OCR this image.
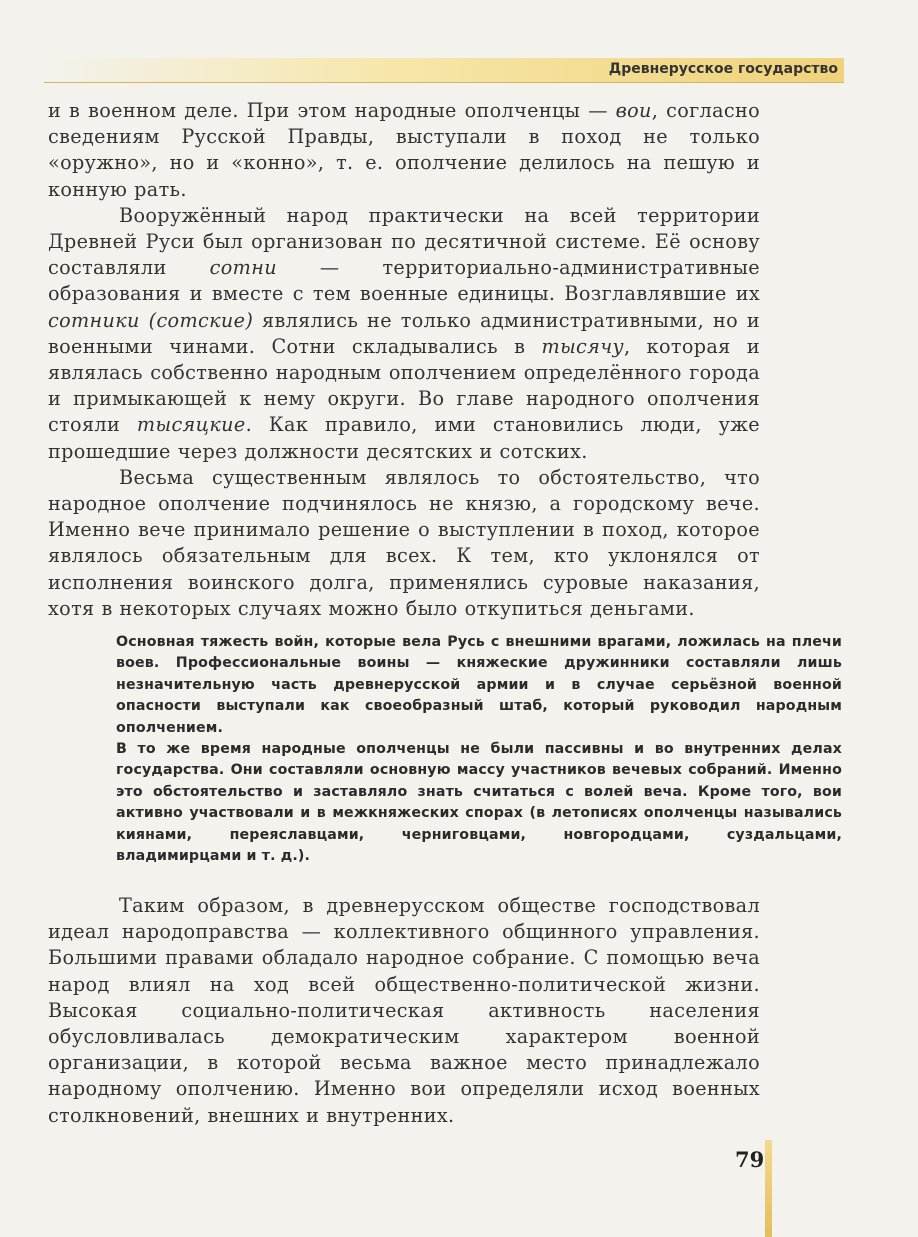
Древнерусское государство

и в военном деле. При этом народные ополченцы — вои, согласно сведениям Русской Правды, выступали в поход не только «оружно», но и «конно», т. е. ополчение делилось на пешую и конную рать.

Вооружённый народ практически на всей территории Древней Руси был организован по десятичной системе. Её основу составляли сотни — территориально-административные образования и вместе с тем военные единицы. Возглавлявшие их сотники (сотские) являлись не только административными, но и военными чинами. Сотни складывались в тысячу, которая и являлась собственно народным ополчением определённого города и примыкающей к нему округи. Во главе народного ополчения стояли тысяцкие. Как правило, ими становились люди, уже прошедшие через должности десятских и сотских.

Весьма существенным являлось то обстоятельство, что народное ополчение подчинялось не князю, а городскому вече. Именно вече принимало решение о выступлении в поход, которое являлось обязательным для всех. К тем, кто уклонялся от исполнения воинского долга, применялись суровые наказания, хотя в некоторых случаях можно было откупиться деньгами.

Основная тяжесть войн, которые вела Русь с внешними врагами, ложилась на плечи воев. Профессиональные воины — княжеские дружинники составляли лишь незначительную часть древнерусской армии и в случае серьёзной военной опасности выступали как своеобразный штаб, который руководил народным ополчением.

В то же время народные ополченцы не были пассивны и во внутренних делах государства. Они составляли основную массу участников вечевых собраний. Именно это обстоятельство и заставляло знать считаться с волей веча. Кроме того, вои активно участвовали и в межкняжеских спорах (в летописях ополченцы назывались киянами, переяславцами, черниговцами, новгородцами, суздальцами, владимирцами и т. д.).

Таким образом, в древнерусском обществе господствовал идеал народоправства — коллективного общинного управления. Большими правами обладало народное собрание. С помощью веча народ влиял на ход всей общественно-политической жизни. Высокая социально-политическая активность населения обусловливалась демократическим характером военной организации, в которой весьма важное место принадлежало народному ополчению. Именно вои определяли исход военных столкновений, внешних и внутренних.

79
